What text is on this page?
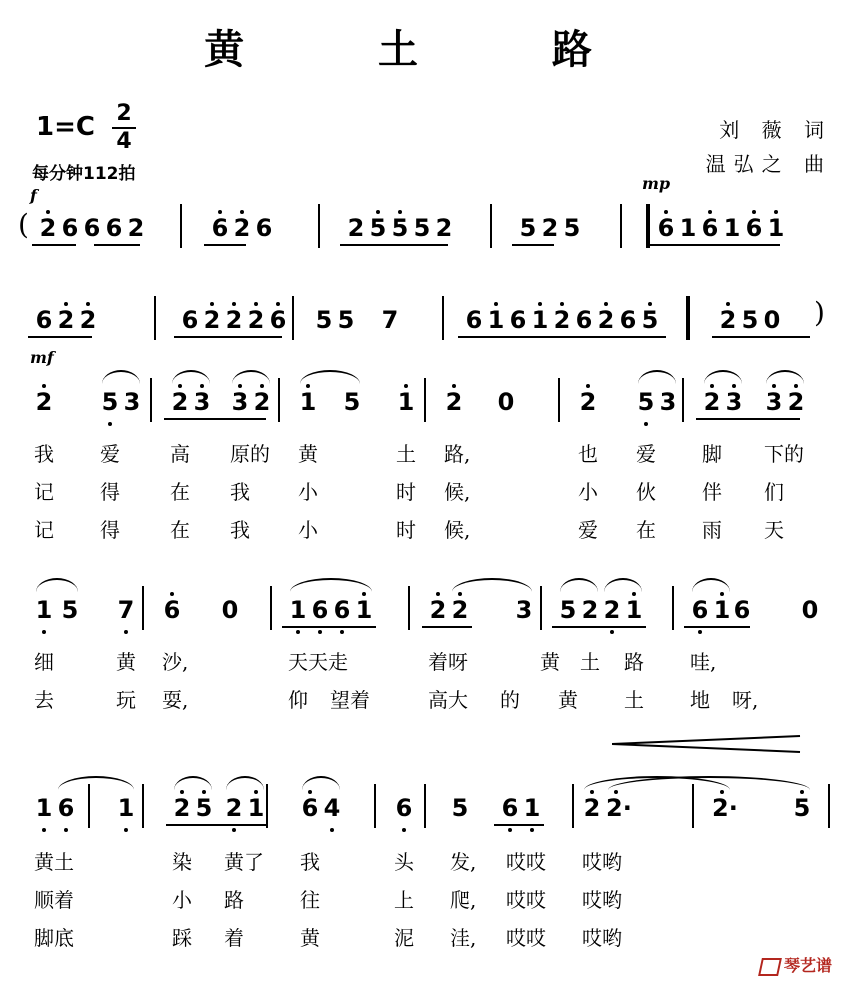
黄 土 路
1=C 2
4
每分钟112拍
刘 薇 词
温弘之 曲
f
mp
mf
( 2 6 6 6 2	6 2 6	2 5 5 5 2	5 2 5	6 1 6 1 6 1
6 2 2	6 2 2 2 6 5 5 7	6 1 6 1 2 6 2 6 5	2 5 0 )
2 5 3 2 3 3 2 1 5 1 2 0	2 5 3 2 3 3 2
我 爱	高 原的 黄	土 路,	也 爱 脚 下的
记 得	在 我 小	时 候,	小 伙 伴 们
记 得	在 我 小	时 候,	爱 在 雨 天
1 5 7 6 0 1 6 6 1 2 2 3 5 2 2 1 6 1 6 0
细	黄 沙,	天天走	着呀	黄 土 路 哇,
去	玩 耍,	仰 望着	高大 的 黄 土 地 呀,
1 6 1 2 5 2 1 6 4 6 5 6 1 2 2·	2· 5
黄土	染 黄了 我	头 发, 哎哎 哎哟
顺着	小 路	往	上 爬, 哎哎 哎哟
脚底	踩 着	黄	泥 洼, 哎哎 哎哟
琴艺谱
